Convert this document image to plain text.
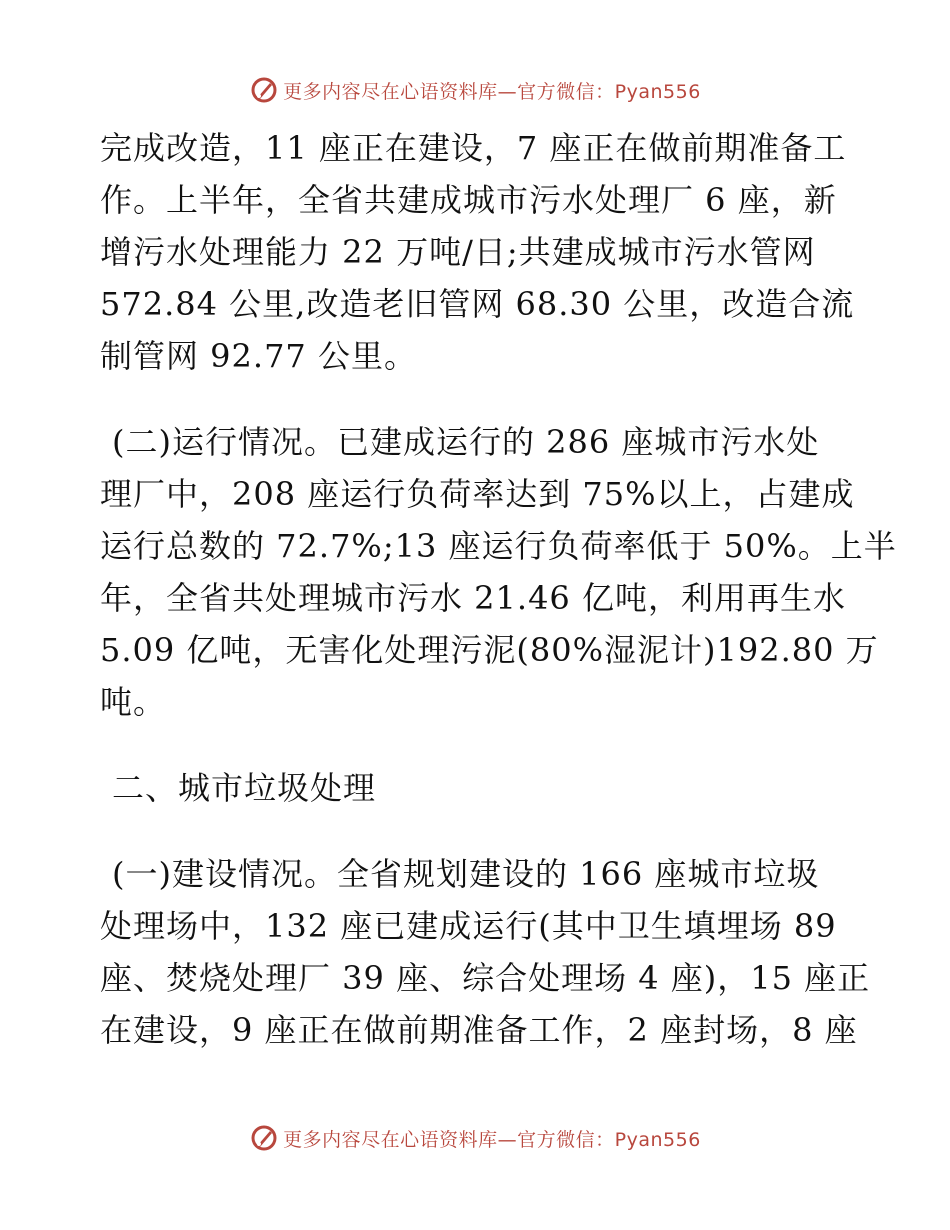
更多内容尽在心语资料库—官方微信：Pyan556
完成改造，11 座正在建设，7 座正在做前期准备工
作。上半年，全省共建成城市污水处理厂 6 座，新
增污水处理能力 22 万吨/日;共建成城市污水管网
572.84 公里,改造老旧管网 68.30 公里，改造合流
制管网 92.77 公里。
(二)运行情况。已建成运行的 286 座城市污水处
理厂中，208 座运行负荷率达到 75%以上，占建成
运行总数的 72.7%;13 座运行负荷率低于 50%。上半
年，全省共处理城市污水 21.46 亿吨，利用再生水
5.09 亿吨，无害化处理污泥(80%湿泥计)192.80 万
吨。
二、城市垃圾处理
(一)建设情况。全省规划建设的 166 座城市垃圾
处理场中，132 座已建成运行(其中卫生填埋场 89
座、焚烧处理厂 39 座、综合处理场 4 座)，15 座正
在建设，9 座正在做前期准备工作，2 座封场，8 座
更多内容尽在心语资料库—官方微信：Pyan556
